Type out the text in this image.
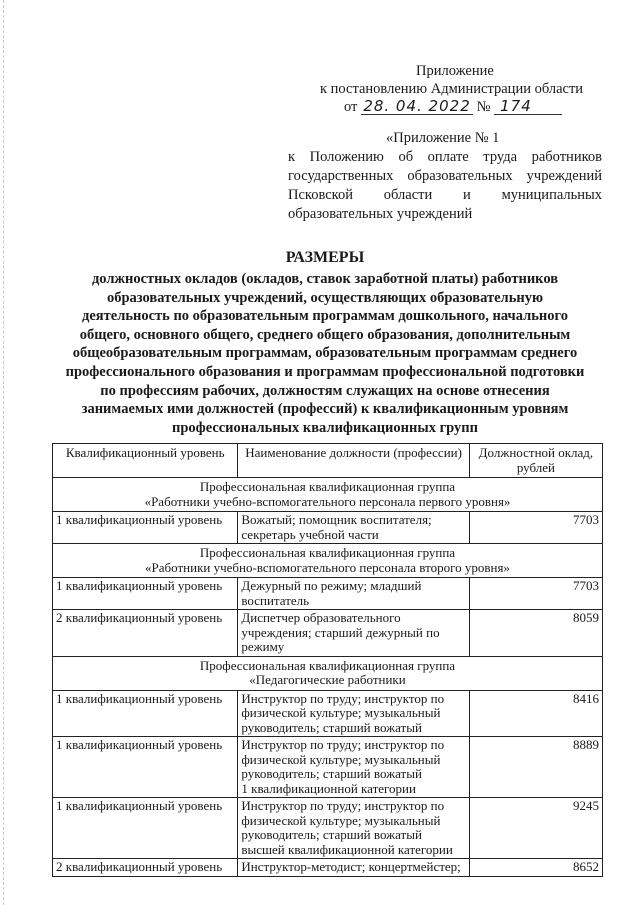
Приложение
к постановлению Администрации области
от 28. 04. 2022 № 174
«Приложение № 1
к Положению об оплате труда работников
государственных образовательных учреждений
Псковской области и муниципальных
образовательных учреждений
РАЗМЕРЫ
должностных окладов (окладов, ставок заработной платы) работников
образовательных учреждений, осуществляющих образовательную
деятельность по образовательным программам дошкольного, начального
общего, основного общего, среднего общего образования, дополнительным
общеобразовательным программам, образовательным программам среднего
профессионального образования и программам профессиональной подготовки
по профессиям рабочих, должностям служащих на основе отнесения
занимаемых ими должностей (профессий) к квалификационным уровням
профессиональных квалификационных групп
Квалификационный уровень	Наименование должности (профессии)	Должностной оклад, рублей

Профессиональная квалификационная группа
«Работники учебно-вспомогательного персонала первого уровня»		

1 квалификационный уровень	Вожатый; помощник воспитателя;
секретарь учебной части	7703

Профессиональная квалификационная группа
«Работники учебно-вспомогательного персонала второго уровня»		

1 квалификационный уровень	Дежурный по режиму; младший
воспитатель	7703
2 квалификационный уровень	Диспетчер образовательного
учреждения; старший дежурный по
режиму	8059

Профессиональная квалификационная группа
«Педагогические работники		

1 квалификационный уровень	Инструктор по труду; инструктор по
физической культуре; музыкальный
руководитель; старший вожатый	8416
1 квалификационный уровень	Инструктор по труду; инструктор по
физической культуре; музыкальный
руководитель; старший вожатый
1 квалификационной категории	8889
1 квалификационный уровень	Инструктор по труду; инструктор по
физической культуре; музыкальный
руководитель; старший вожатый
высшей квалификационной категории	9245
2 квалификационный уровень	Инструктор-методист; концертмейстер;	8652
